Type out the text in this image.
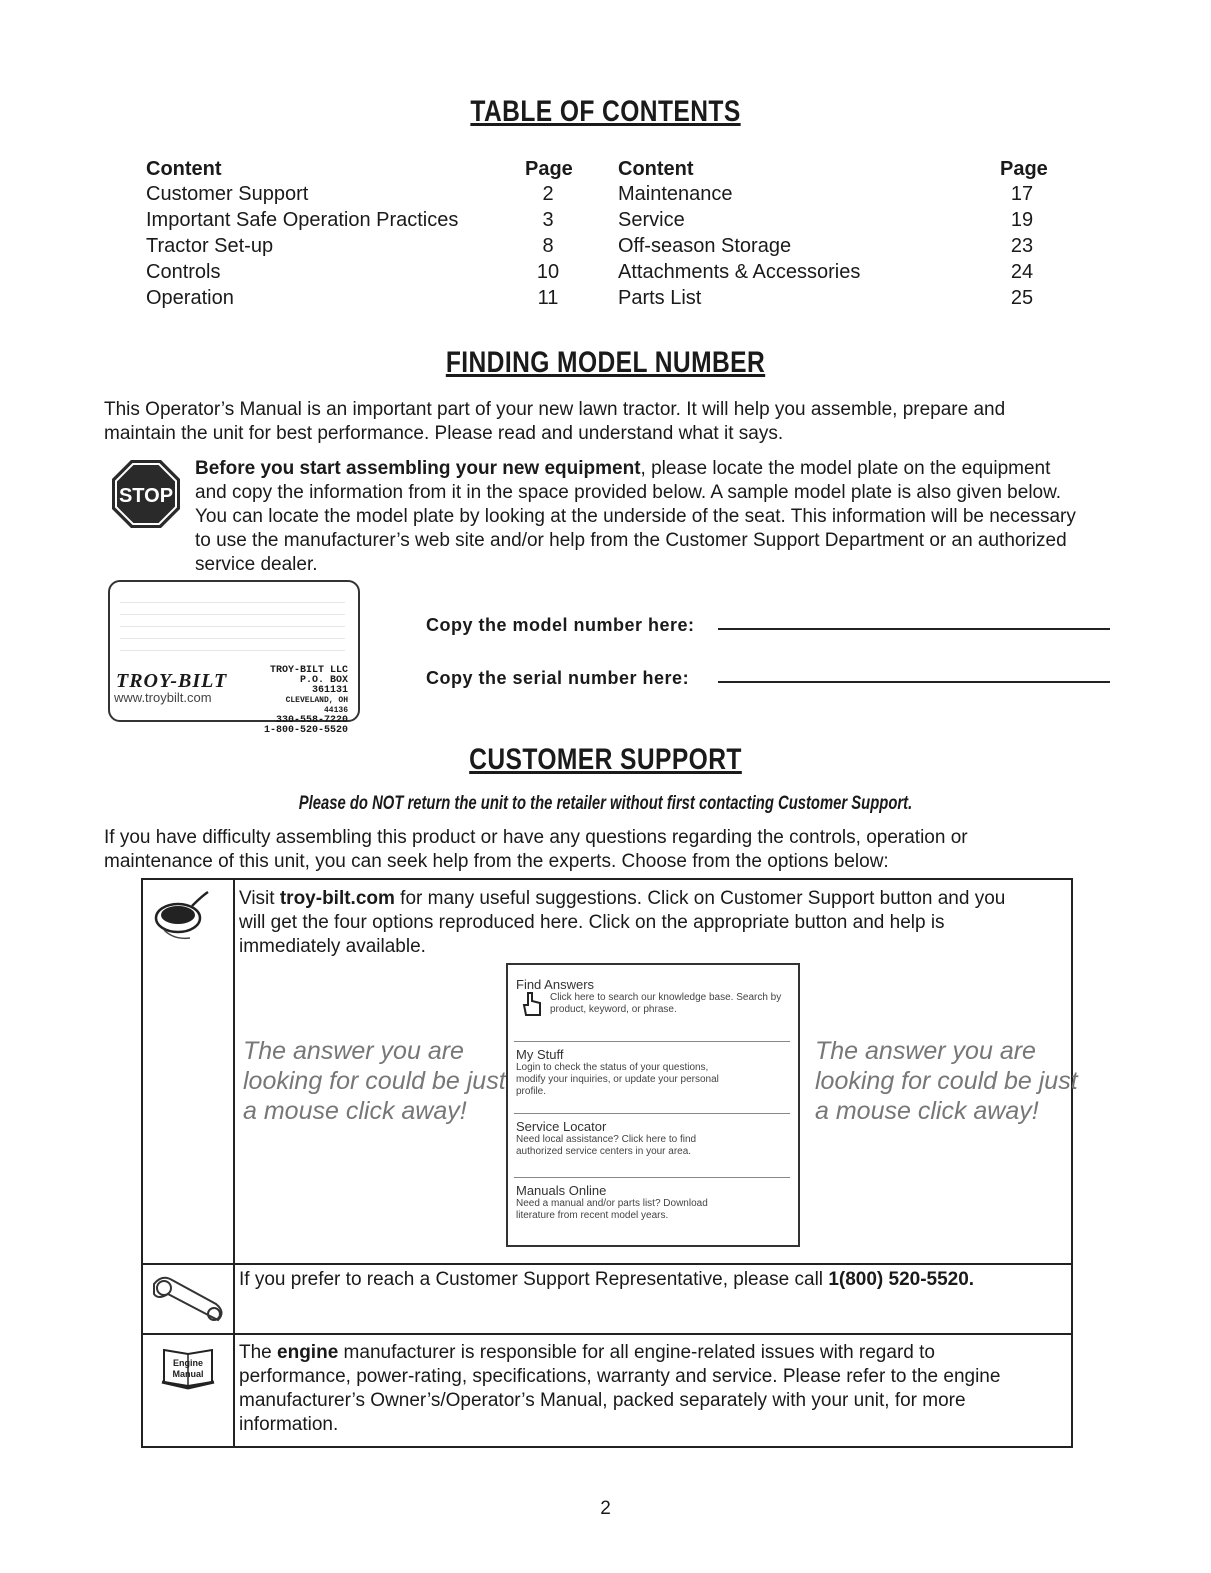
TABLE OF CONTENTS
Content	Page Content	Page
Customer Support	2
Important Safe Operation Practices	3
Tractor Set-up	8
Controls	10
Operation	11
Maintenance	17
Service	19
Off-season Storage	23
Attachments & Accessories	24
Parts List	25
FINDING MODEL NUMBER
This Operator’s Manual is an important part of your new lawn tractor. It will help you assemble, prepare and
maintain the unit for best performance. Please read and understand what it says.
STOP
Before you start assembling your new equipment, please locate the model plate on the equipment
and copy the information from it in the space provided below. A sample model plate is also given below.
You can locate the model plate by looking at the underside of the seat. This information will be necessary
to use the manufacturer’s web site and/or help from the Customer Support Department or an authorized
service dealer.
TROY-BILT
www.troybilt.com
TROY-BILT LLC
P.O. BOX 361131
CLEVELAND, OH 44136
330-558-7220
1-800-520-5520
Copy the model number here:
Copy the serial number here:
CUSTOMER SUPPORT
Please do NOT return the unit to the retailer without first contacting Customer Support.
If you have difficulty assembling this product or have any questions regarding the controls, operation or
maintenance of this unit, you can seek help from the experts. Choose from the options below:
Visit troy-bilt.com for many useful suggestions. Click on Customer Support button and you
will get the four options reproduced here. Click on the appropriate button and help is
immediately available.
The answer you are
looking for could be just
a mouse click away!
The answer you are
looking for could be just
a mouse click away!
Find Answers
Click here to search our knowledge base. Search by
product, keyword, or phrase.
My Stuff
Login to check the status of your questions,
modify your inquiries, or update your personal
profile.
Service Locator
Need local assistance? Click here to find
authorized service centers in your area.
Manuals Online
Need a manual and/or parts list? Download
literature from recent model years.
If you prefer to reach a Customer Support Representative, please call 1(800) 520-5520.
Engine
Manual
The engine manufacturer is responsible for all engine-related issues with regard to
performance, power-rating, specifications, warranty and service. Please refer to the engine
manufacturer’s Owner’s/Operator’s Manual, packed separately with your unit, for more
information.
2
